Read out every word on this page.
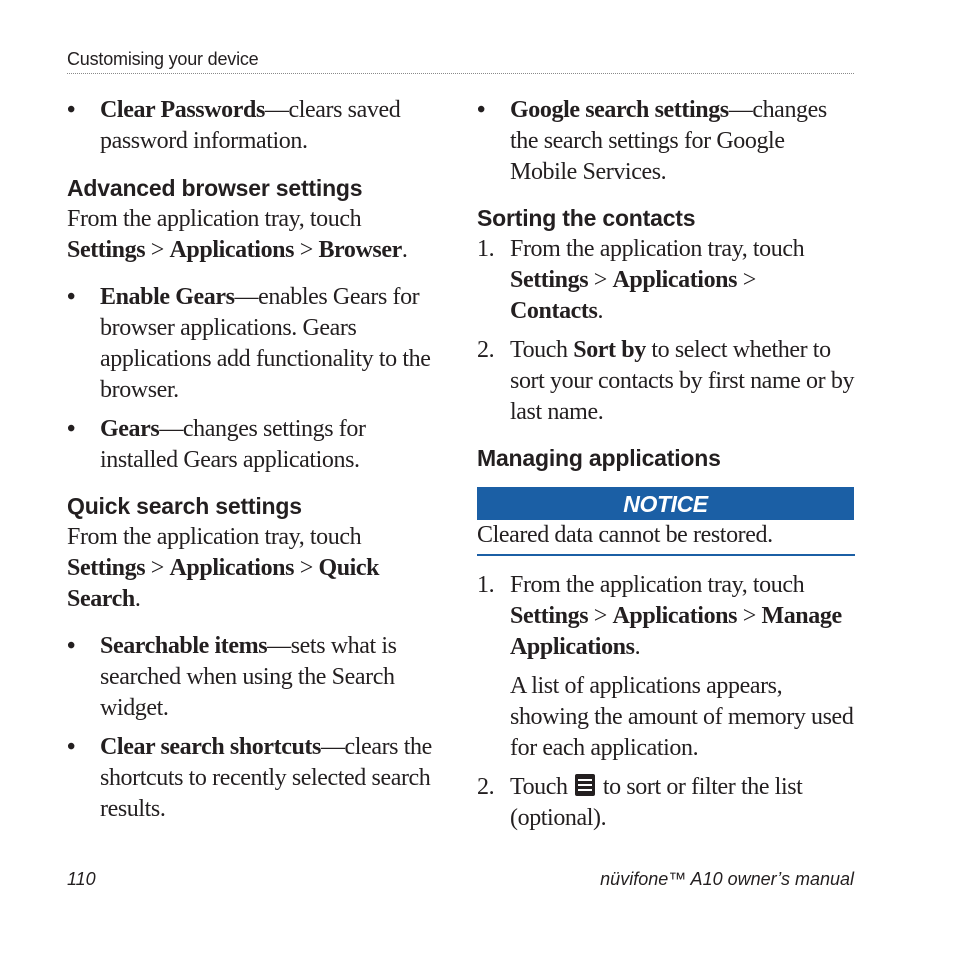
Customising your device
• Clear Passwords—clears saved password information.
Advanced browser settings
From the application tray, touch
Settings > Applications > Browser.
• Enable Gears—enables Gears for browser applications. Gears applications add functionality to the browser.
• Gears—changes settings for installed Gears applications.
Quick search settings
From the application tray, touch
Settings > Applications > Quick Search.
• Searchable items—sets what is searched when using the Search widget.
• Clear search shortcuts—clears the shortcuts to recently selected search results.
• Google search settings—changes the search settings for Google Mobile Services.
Sorting the contacts
1. From the application tray, touch
Settings > Applications >
Contacts.
2. Touch Sort by to select whether to sort your contacts by first name or by last name.
Managing applications
NOTICE
Cleared data cannot be restored.
1. From the application tray, touch
Settings > Applications > Manage Applications.
A list of applications appears, showing the amount of memory used for each application.
2. Touch to sort or filter the list (optional).
110	nüvifone™ A10 owner’s manual
